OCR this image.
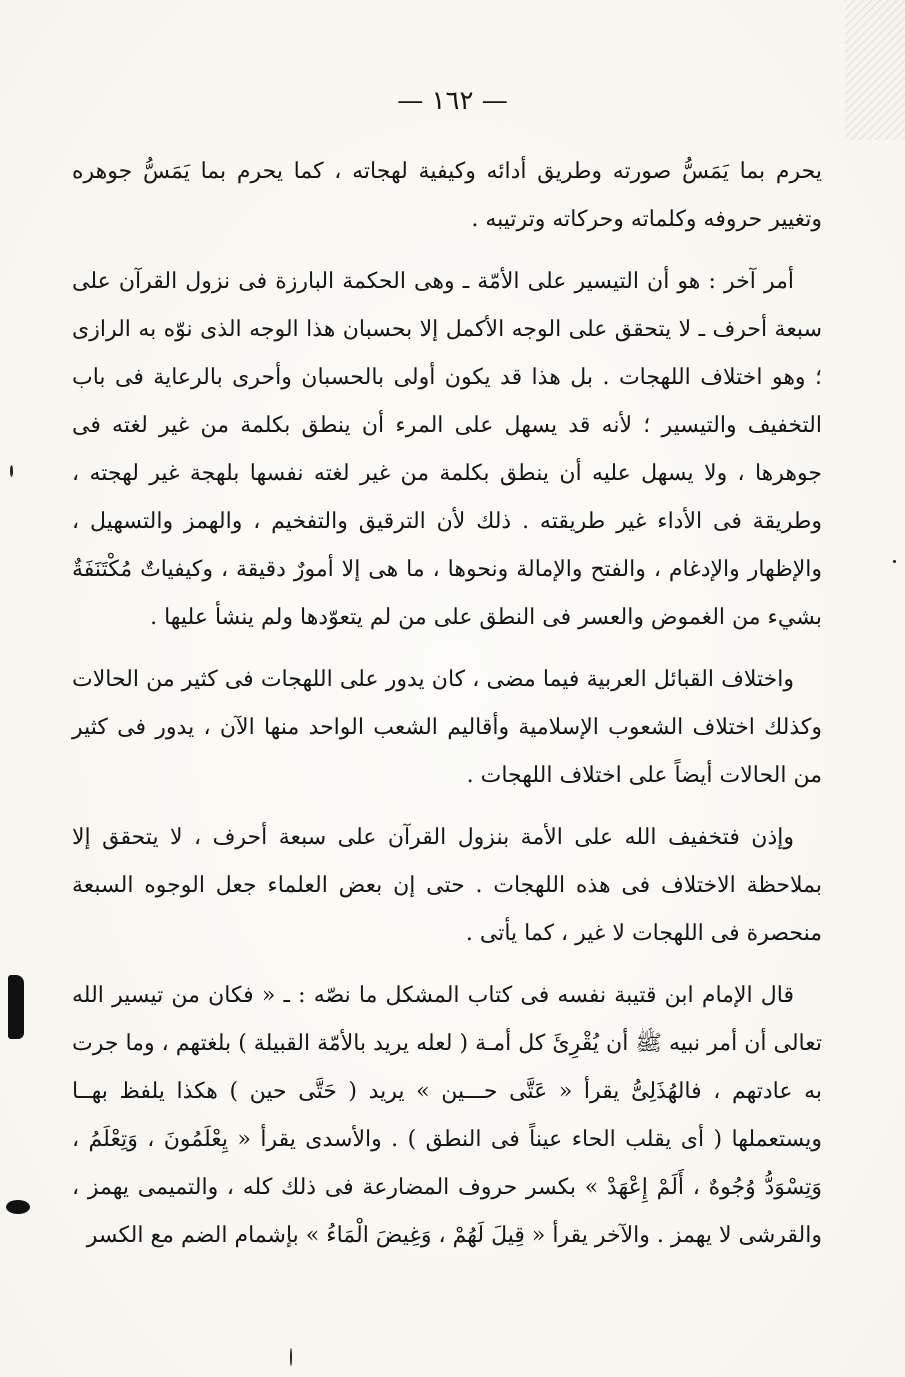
— ١٦٢ —

يحرم بما يَمَسُّ صورته وطريق أدائه وكيفية لهجاته ، كما يحرم بما يَمَسُّ جوهره وتغيير حروفه وكلماته وحركاته وترتيبه .

أمر آخر : هو أن التيسير على الأمّة ـ وهى الحكمة البارزة فى نزول القرآن على سبعة أحرف ـ لا يتحقق على الوجه الأكمل إلا بحسبان هذا الوجه الذى نوّه به الرازى ؛ وهو اختلاف اللهجات . بل هذا قد يكون أولى بالحسبان وأحرى بالرعاية فى باب التخفيف والتيسير ؛ لأنه قد يسهل على المرء أن ينطق بكلمة من غير لغته فى جوهرها ، ولا يسهل عليه أن ينطق بكلمة من غير لغته نفسها بلهجة غير لهجته ، وطريقة فى الأداء غير طريقته . ذلك لأن الترقيق والتفخيم ، والهمز والتسهيل ، والإظهار والإدغام ، والفتح والإمالة ونحوها ، ما هى إلا أمورٌ دقيقة ، وكيفياتٌ مُكْتَنَفَةٌ بشيء من الغموض والعسر فى النطق على من لم يتعوّدها ولم ينشأ عليها .

واختلاف القبائل العربية فيما مضى ، كان يدور على اللهجات فى كثير من الحالات وكذلك اختلاف الشعوب الإسلامية وأقاليم الشعب الواحد منها الآن ، يدور فى كثير من الحالات أيضاً على اختلاف اللهجات .

وإذن فتخفيف الله على الأمة بنزول القرآن على سبعة أحرف ، لا يتحقق إلا بملاحظة الاختلاف فى هذه اللهجات . حتى إن بعض العلماء جعل الوجوه السبعة منحصرة فى اللهجات لا غير ، كما يأتى .

قال الإمام ابن قتيبة نفسه فى كتاب المشكل ما نصّه : ـ « فكان من تيسير الله تعالى أن أمر نبيه ﷺ أن يُقْرِئَ كل أمـة ( لعله يريد بالأمّة القبيلة ) بلغتهم ، وما جرت به عادتهم ، فالهُذَلِىُّ يقرأ « عَتَّى حـــين » يريد ( حَتَّى حين ) هكذا يلفظ بهــا ويستعملها ( أى يقلب الحاء عيناً فى النطق ) . والأسدى يقرأ « يِعْلَمُونَ ، وَتِعْلَمُ ، وَتِسْوَدُّ وُجُوهٌ ، أَلَمْ إِعْهَدْ » بكسر حروف المضارعة فى ذلك كله ، والتميمى يهمز ، والقرشى لا يهمز . والآخر يقرأ « قِيلَ لَهُمْ ، وَغِيضَ الْمَاءُ » بإشمام الضم مع الكسر
